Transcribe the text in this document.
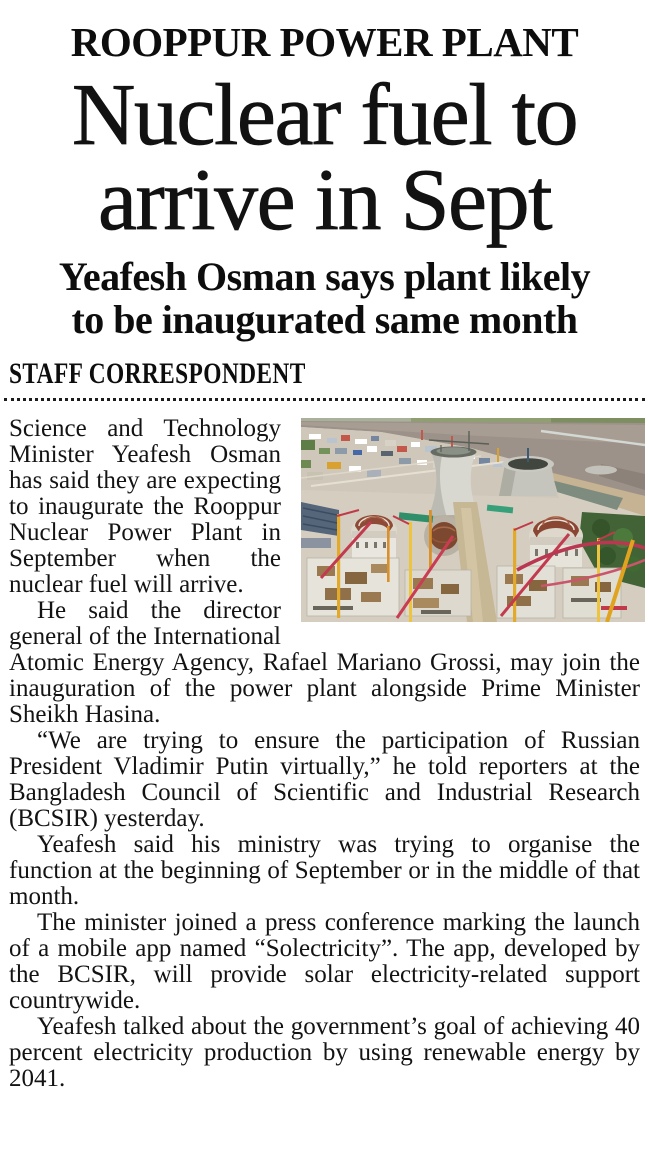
ROOPPUR POWER PLANT
Nuclear fuel to
arrive in Sept
Yeafesh Osman says plant likely
to be inaugurated same month
STAFF CORRESPONDENT

Science and Technology Minister Yeafesh Osman has said they are expecting to inaugurate the Rooppur Nuclear Power Plant in September when the nuclear fuel will arrive.

He said the director general of the International Atomic Energy Agency, Rafael Mariano Grossi, may join the inauguration of the power plant alongside Prime Minister Sheikh Hasina.

“We are trying to ensure the participation of Russian President Vladimir Putin virtually,” he told reporters at the Bangladesh Council of Scientific and Industrial Research (BCSIR) yesterday.

Yeafesh said his ministry was trying to organise the function at the beginning of September or in the middle of that month.

The minister joined a press conference marking the launch of a mobile app named “Solectricity”. The app, developed by the BCSIR, will provide solar electricity-related support countrywide.

Yeafesh talked about the government’s goal of achieving 40 percent electricity production by using renewable energy by 2041.
